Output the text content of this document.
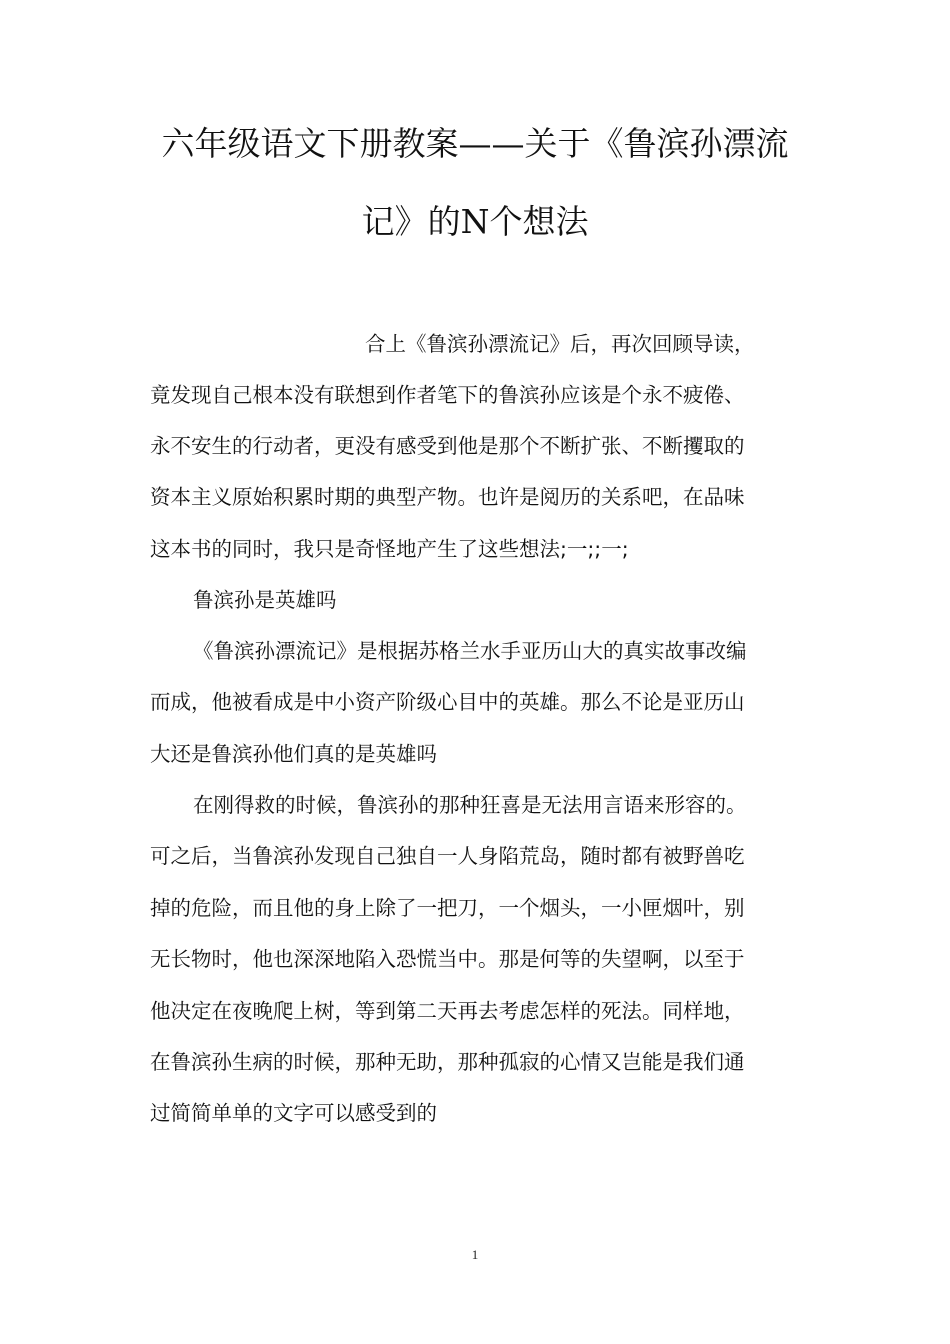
六年级语文下册教案——关于《鲁滨孙漂流
记》的N个想法
合上《鲁滨孙漂流记》后，再次回顾导读，
竟发现自己根本没有联想到作者笔下的鲁滨孙应该是个永不疲倦、
永不安生的行动者，更没有感受到他是那个不断扩张、不断攫取的
资本主义原始积累时期的典型产物。也许是阅历的关系吧，在品味
这本书的同时，我只是奇怪地产生了这些想法;一;;一;
鲁滨孙是英雄吗
《鲁滨孙漂流记》是根据苏格兰水手亚历山大的真实故事改编
而成，他被看成是中小资产阶级心目中的英雄。那么不论是亚历山
大还是鲁滨孙他们真的是英雄吗
在刚得救的时候，鲁滨孙的那种狂喜是无法用言语来形容的。
可之后，当鲁滨孙发现自己独自一人身陷荒岛，随时都有被野兽吃
掉的危险，而且他的身上除了一把刀，一个烟头，一小匣烟叶，别
无长物时，他也深深地陷入恐慌当中。那是何等的失望啊，以至于
他决定在夜晚爬上树，等到第二天再去考虑怎样的死法。同样地，
在鲁滨孙生病的时候，那种无助，那种孤寂的心情又岂能是我们通
过简简单单的文字可以感受到的
1
